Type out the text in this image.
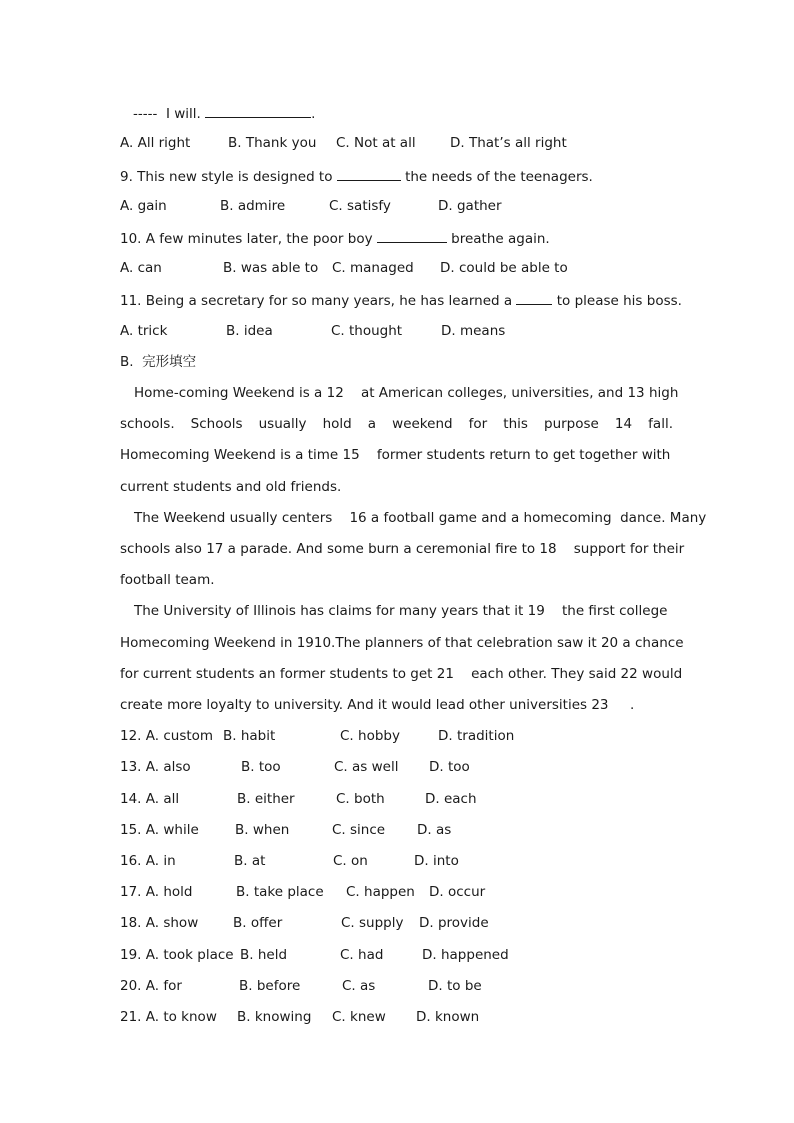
-----  I will.	.
A. All right	B. Thank you C. Not at all	D. That’s all right
9. This new style is designed to	the needs of the teenagers.
A. gain	B. admire	C. satisfy	D. gather
10. A few minutes later, the poor boy	breathe again.
A. can	B. was able to C. managed D. could be able to
11. Being a secretary for so many years, he has learned a	to please his boss.
A. trick	B. idea	C. thought	D. means
B.  完形填空
Home-coming Weekend is a 12    at American colleges, universities, and 13 high
schools. Schools usually hold a weekend for this purpose 14 fall.
Homecoming Weekend is a time 15    former students return to get together with
current students and old friends.
The Weekend usually centers    16 a football game and a homecoming  dance. Many
schools also 17 a parade. And some burn a ceremonial fire to 18    support for their
football team.
The University of Illinois has claims for many years that it 19    the first college
Homecoming Weekend in 1910.The planners of that celebration saw it 20 a chance
for current students an former students to get 21    each other. They said 22 would
create more loyalty to university. And it would lead other universities 23     .
12. A. custom B. habit	C. hobby	D. tradition
13. A. also	B. too	C. as well D. too
14. A. all	B. either	C. both	D. each
15. A. while	B. when	C. since D. as
16. A. in	B. at	C. on	D. into
17. A. hold	B. take place C. happen D. occur
18. A. show	B. offer	C. supply D. provide
19. A. took place B. held	C. had	D. happened
20. A. for	B. before	C. as	D. to be
21. A. to know B. knowing C. knew D. known
